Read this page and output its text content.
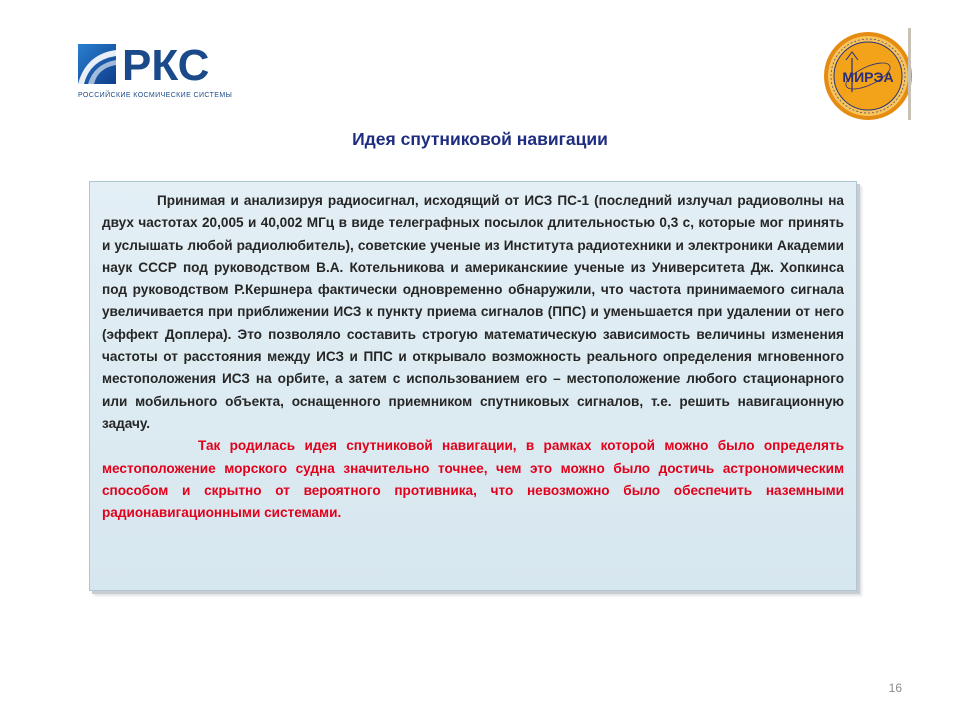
РКС
РОССИЙСКИЕ КОСМИЧЕСКИЕ СИСТЕМЫ
МИРЭА
Идея спутниковой навигации

Принимая и анализируя радиосигнал, исходящий от ИСЗ ПС-1 (последний излучал радиоволны на двух частотах 20,005 и 40,002 МГц в виде телеграфных посылок длительностью 0,3 с, которые мог принять и услышать любой радиолюбитель), советские ученые из Института радиотехники и электроники Академии наук СССР под руководством В.А. Котельникова и американскиие ученые из Университета Дж. Хопкинса под руководством Р.Кершнера фактически одновременно обнаружили, что частота принимаемого сигнала увеличивается при приближении ИСЗ к пункту приема сигналов (ППС) и уменьшается при удалении от него (эффект Доплера). Это позволяло составить строгую математическую зависимость величины изменения частоты от расстояния между ИСЗ и ППС и открывало возможность реального определения мгновенного местоположения ИСЗ на орбите, а затем с использованием его – местоположение любого стационарного или мобильного объекта, оснащенного приемником спутниковых сигналов, т.е. решить навигационную задачу.

Так родилась идея спутниковой навигации, в рамках которой можно было определять местоположение морского судна значительно точнее, чем это можно было достичь астрономическим способом и скрытно от вероятного противника, что невозможно было обеспечить наземными радионавигационными системами.

16
